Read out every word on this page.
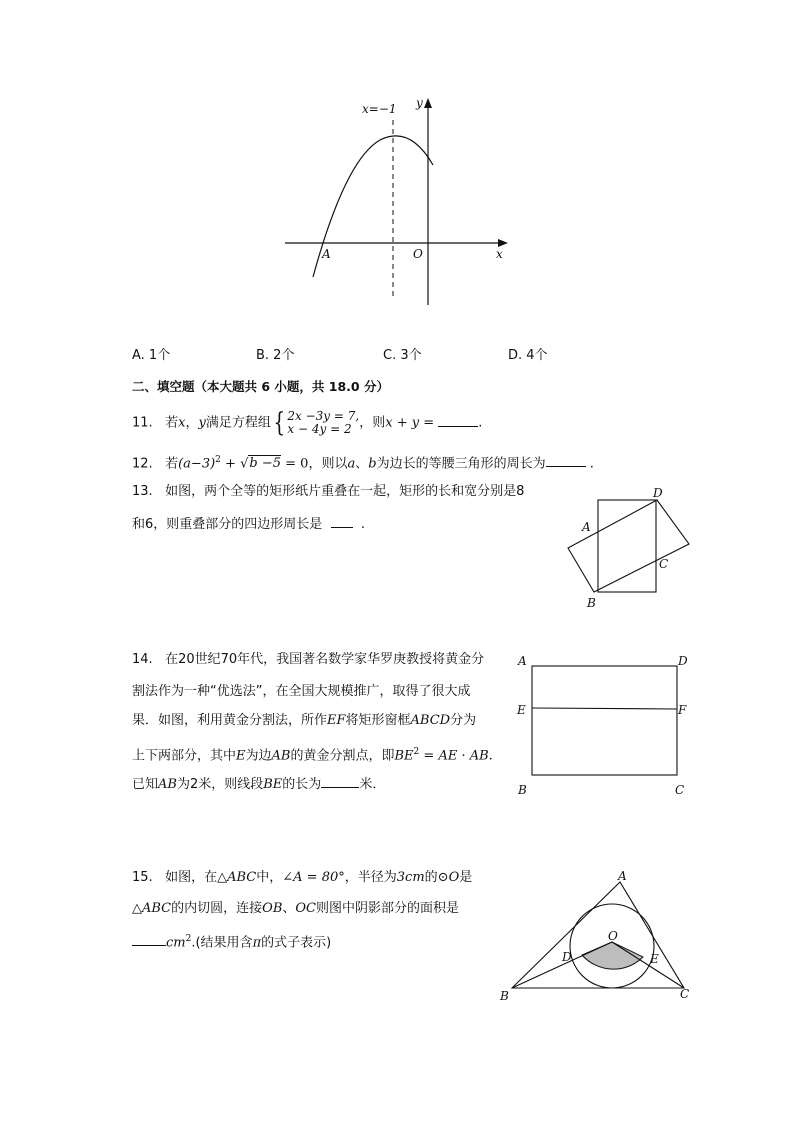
x=−1 y
x
A	O
A. 1个	B. 2个	C. 3个	D. 4个
二、填空题（本大题共 6 小题，共 18.0 分）
11. 若x，y满足方程组{ 2x −3y = 7,
x − 4y = 2 ，则x + y =	.
12. 若$(a-3)^2 + √b -5 = 0$，则以a、b为边长的等腰三角形的周长为	.
13. 如图，两个全等的矩形纸片重叠在一起，矩形的长和宽分别是8
和6，则重叠部分的四边形周长是	.
D
A
C
B
14. 在20世纪70年代，我国著名数学家华罗庚教授将黄金分
割法作为一种“优选法”，在全国大规模推广，取得了很大成
果．如图，利用黄金分割法，所作EF将矩形窗框ABCD分为
上下两部分，其中E为边AB的黄金分割点，即$BE^2$ = AE · AB.
已知AB为2米，则线段BE的长为	米．
A	D
E	F
B	C
15. 如图，在△ABC中，∠A = 80°，半径为3cm的⊙O是
△ABC的内切圆，连接OB、OC则图中阴影部分的面积是
$cm^2$.(结果用含π的式子表示)
A
O
D	E
B	C
